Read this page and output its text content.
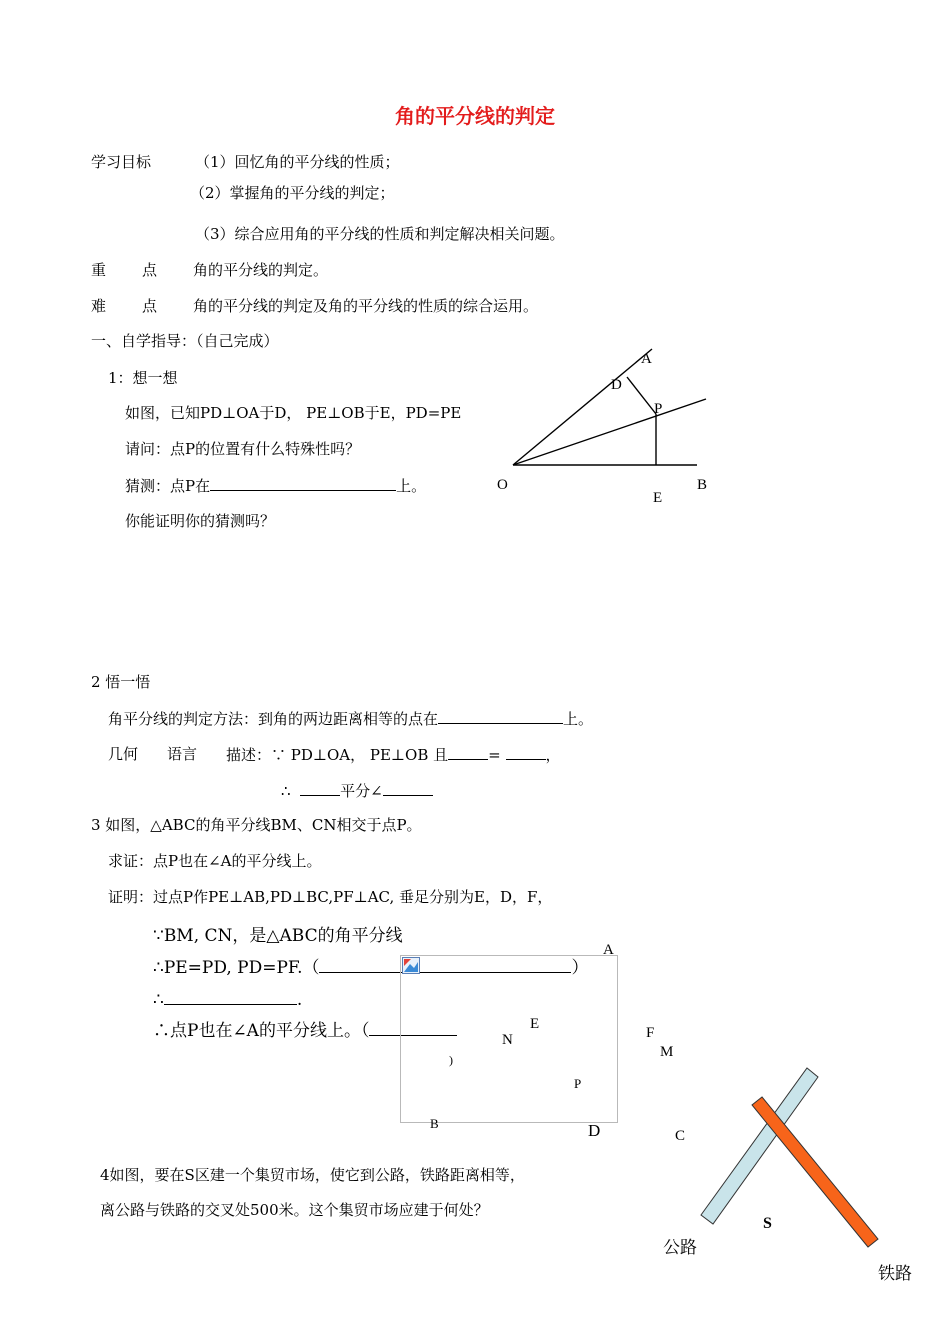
角的平分线的判定
学习目标	（1）回忆角的平分线的性质；
（2）掌握角的平分线的判定；
（3）综合应用角的平分线的性质和判定解决相关问题。
重 点 角的平分线的判定。
难 点 角的平分线的判定及角的平分线的性质的综合运用。
一、自学指导：（自己完成）
1：想一想
如图，已知PD⊥OA于D， PE⊥OB于E，PD=PE
请问：点P的位置有什么特殊性吗？
猜测：点P在	上。
你能证明你的猜测吗？
A
D
P
O	B
E
2 悟一悟
角平分线的判定方法：到角的两边距离相等的点在	上。
几何 语言 描述：∵ PD⊥OA， PE⊥OB 且	=	，
∴	平分∠
3 如图，△ABC的角平分线BM、CN相交于点P。
求证：点P也在∠A的平分线上。
证明：过点P作PE⊥AB,PD⊥BC,PF⊥AC, 垂足分别为E，D，F，
∵BM, CN，是△ABC的角平分线
∴PE=PD, PD=PF.（	）
∴	.
∴点P也在∠A的平分线上。（
A
E
N	F
M
)
P
B	D	C
4如图，要在S区建一个集贸市场，使它到公路，铁路距离相等，
离公路与铁路的交叉处500米。这个集贸市场应建于何处？
S
公路
铁路
